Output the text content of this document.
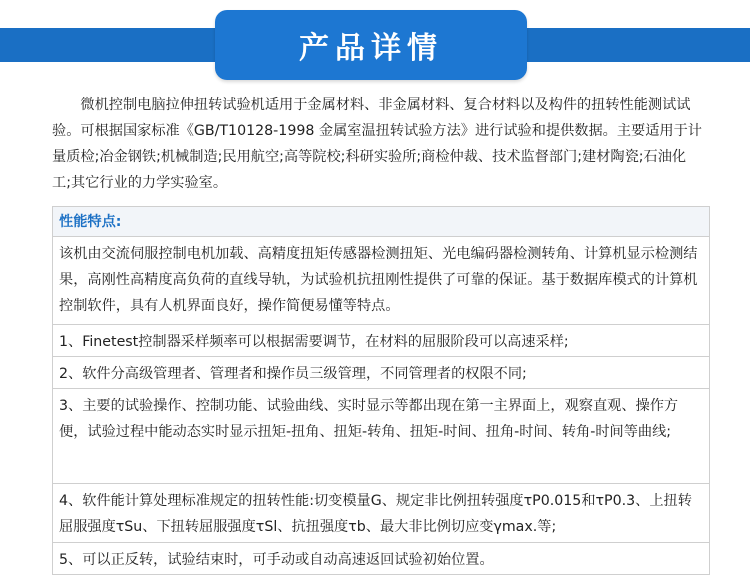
产品详情

微机控制电脑拉伸扭转试验机适用于金属材料、非金属材料、复合材料以及构件的扭转性能测试试验。可根据国家标准《GB/T10128-1998 金属室温扭转试验方法》进行试验和提供数据。主要适用于计量质检;冶金钢铁;机械制造;民用航空;高等院校;科研实验所;商检仲裁、技术监督部门;建材陶瓷;石油化工;其它行业的力学实验室。

性能特点:
该机由交流伺服控制电机加载、高精度扭矩传感器检测扭矩、光电编码器检测转角、计算机显示检测结果，高刚性高精度高负荷的直线导轨，为试验机抗扭刚性提供了可靠的保证。基于数据库模式的计算机控制软件，具有人机界面良好，操作简便易懂等特点。
1、Finetest控制器采样频率可以根据需要调节，在材料的屈服阶段可以高速采样;
2、软件分高级管理者、管理者和操作员三级管理，不同管理者的权限不同;
3、主要的试验操作、控制功能、试验曲线、实时显示等都出现在第一主界面上，观察直观、操作方便，试验过程中能动态实时显示扭矩-扭角、扭矩-转角、扭矩-时间、扭角-时间、转角-时间等曲线;
4、软件能计算处理标准规定的扭转性能:切变模量G、规定非比例扭转强度τP0.015和τP0.3、上扭转屈服强度τSu、下扭转屈服强度τSl、抗扭强度τb、最大非比例切应变γmax.等;
5、可以正反转，试验结束时，可手动或自动高速返回试验初始位置。
